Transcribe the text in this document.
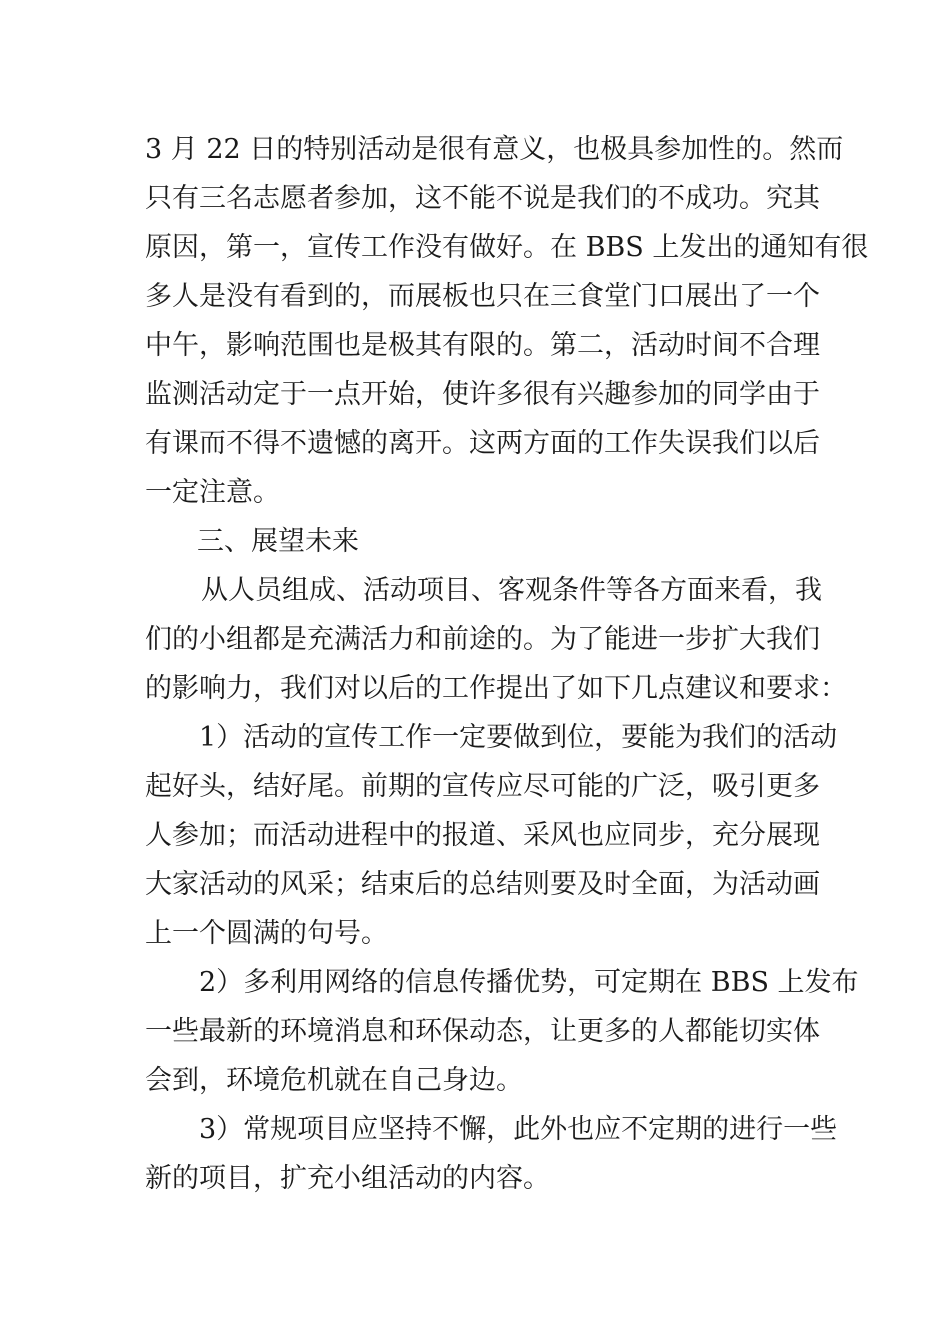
3 月 22 日的特别活动是很有意义，也极具参加性的。然而
只有三名志愿者参加，这不能不说是我们的不成功。究其
原因，第一，宣传工作没有做好。在 BBS 上发出的通知有很
多人是没有看到的，而展板也只在三食堂门口展出了一个
中午，影响范围也是极其有限的。第二，活动时间不合理
监测活动定于一点开始，使许多很有兴趣参加的同学由于
有课而不得不遗憾的离开。这两方面的工作失误我们以后
一定注意。
三、展望未来
从人员组成、活动项目、客观条件等各方面来看，我
们的小组都是充满活力和前途的。为了能进一步扩大我们
的影响力，我们对以后的工作提出了如下几点建议和要求：
1）活动的宣传工作一定要做到位，要能为我们的活动
起好头，结好尾。前期的宣传应尽可能的广泛，吸引更多
人参加；而活动进程中的报道、采风也应同步，充分展现
大家活动的风采；结束后的总结则要及时全面，为活动画
上一个圆满的句号。
2）多利用网络的信息传播优势，可定期在 BBS 上发布
一些最新的环境消息和环保动态，让更多的人都能切实体
会到，环境危机就在自己身边。
3）常规项目应坚持不懈，此外也应不定期的进行一些
新的项目，扩充小组活动的内容。
